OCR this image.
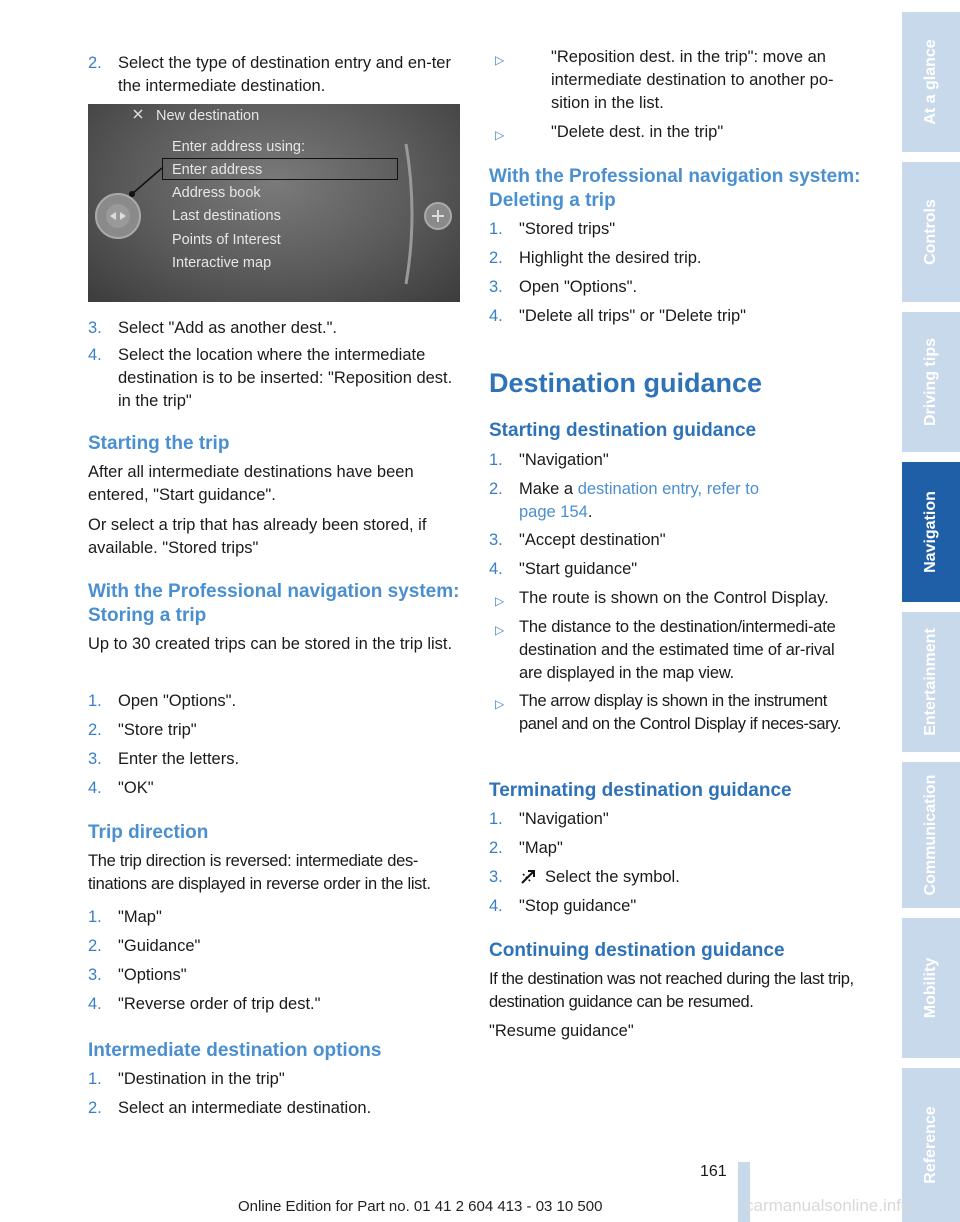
2. Select the type of destination entry and en-ter the intermediate destination.
New destination
Enter address using:
Enter address
Address book
Last destinations
Points of Interest
Interactive map
3. Select "Add as another dest.".
4. Select the location where the intermediate destination is to be inserted: "Reposition dest. in the trip"
Starting the trip
After all intermediate destinations have been entered, "Start guidance".
Or select a trip that has already been stored, if available. "Stored trips"
With the Professional navigation system: Storing a trip
Up to 30 created trips can be stored in the trip list.
1. Open "Options".
2. "Store trip"
3. Enter the letters.
4. "OK"
Trip direction
The trip direction is reversed: intermediate des-tinations are displayed in reverse order in the list.
1. "Map"
2. "Guidance"
3. "Options"
4. "Reverse order of trip dest."
Intermediate destination options
1. "Destination in the trip"
2. Select an intermediate destination.
▷	"Reposition dest. in the trip": move an intermediate destination to another po-sition in the list.
▷	"Delete dest. in the trip"
With the Professional navigation system: Deleting a trip
1. "Stored trips"
2. Highlight the desired trip.
3. Open "Options".
4. "Delete all trips" or "Delete trip"
Destination guidance
Starting destination guidance
1. "Navigation"
2. Make a destination entry, refer to page 154.
3. "Accept destination"
4. "Start guidance"
▷ The route is shown on the Control Display.
▷ The distance to the destination/intermedi-ate destination and the estimated time of ar-rival are displayed in the map view.
▷ The arrow display is shown in the instrument panel and on the Control Display if neces-sary.
Terminating destination guidance
1. "Navigation"
2. "Map"
3.	Select the symbol.
4. "Stop guidance"
Continuing destination guidance
If the destination was not reached during the last trip, destination guidance can be resumed.
"Resume guidance"
At a glance
Controls
Driving tips
Navigation
Entertainment
Communication
Mobility
Reference
161
Online Edition for Part no. 01 41 2 604 413 - 03 10 500	carmanualsonline.info
